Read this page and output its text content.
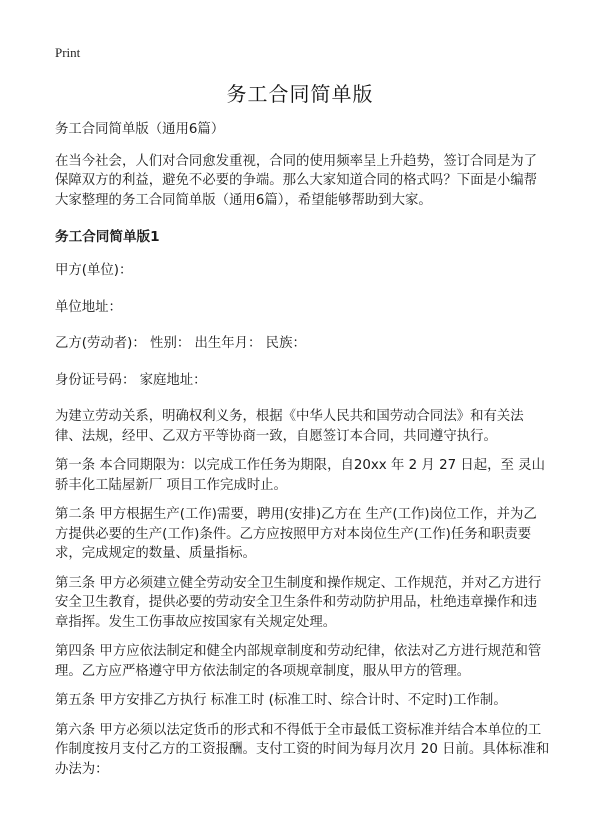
Print
务工合同简单版

务工合同简单版（通用6篇）

在当今社会，人们对合同愈发重视，合同的使用频率呈上升趋势，签订合同是为了保障双方的利益，避免不必要的争端。那么大家知道合同的格式吗？下面是小编帮大家整理的务工合同简单版（通用6篇），希望能够帮助到大家。

务工合同简单版1

甲方(单位)：

单位地址：

乙方(劳动者)： 性别： 出生年月： 民族：

身份证号码： 家庭地址：

为建立劳动关系，明确权利义务，根据《中华人民共和国劳动合同法》和有关法律、法规，经甲、乙双方平等协商一致，自愿签订本合同，共同遵守执行。

第一条 本合同期限为：以完成工作任务为期限，自20xx 年 2 月 27 日起，至 灵山骄丰化工陆屋新厂 项目工作完成时止。

第二条 甲方根据生产(工作)需要，聘用(安排)乙方在 生产(工作)岗位工作，并为乙方提供必要的生产(工作)条件。乙方应按照甲方对本岗位生产(工作)任务和职责要求，完成规定的数量、质量指标。

第三条 甲方必须建立健全劳动安全卫生制度和操作规定、工作规范，并对乙方进行安全卫生教育，提供必要的劳动安全卫生条件和劳动防护用品，杜绝违章操作和违章指挥。发生工伤事故应按国家有关规定处理。

第四条 甲方应依法制定和健全内部规章制度和劳动纪律，依法对乙方进行规范和管理。乙方应严格遵守甲方依法制定的各项规章制度，服从甲方的管理。

第五条 甲方安排乙方执行 标准工时 (标准工时、综合计时、不定时)工作制。

第六条 甲方必须以法定货币的形式和不得低于全市最低工资标准并结合本单位的工作制度按月支付乙方的工资报酬。支付工资的时间为每月次月 20 日前。具体标准和办法为：
